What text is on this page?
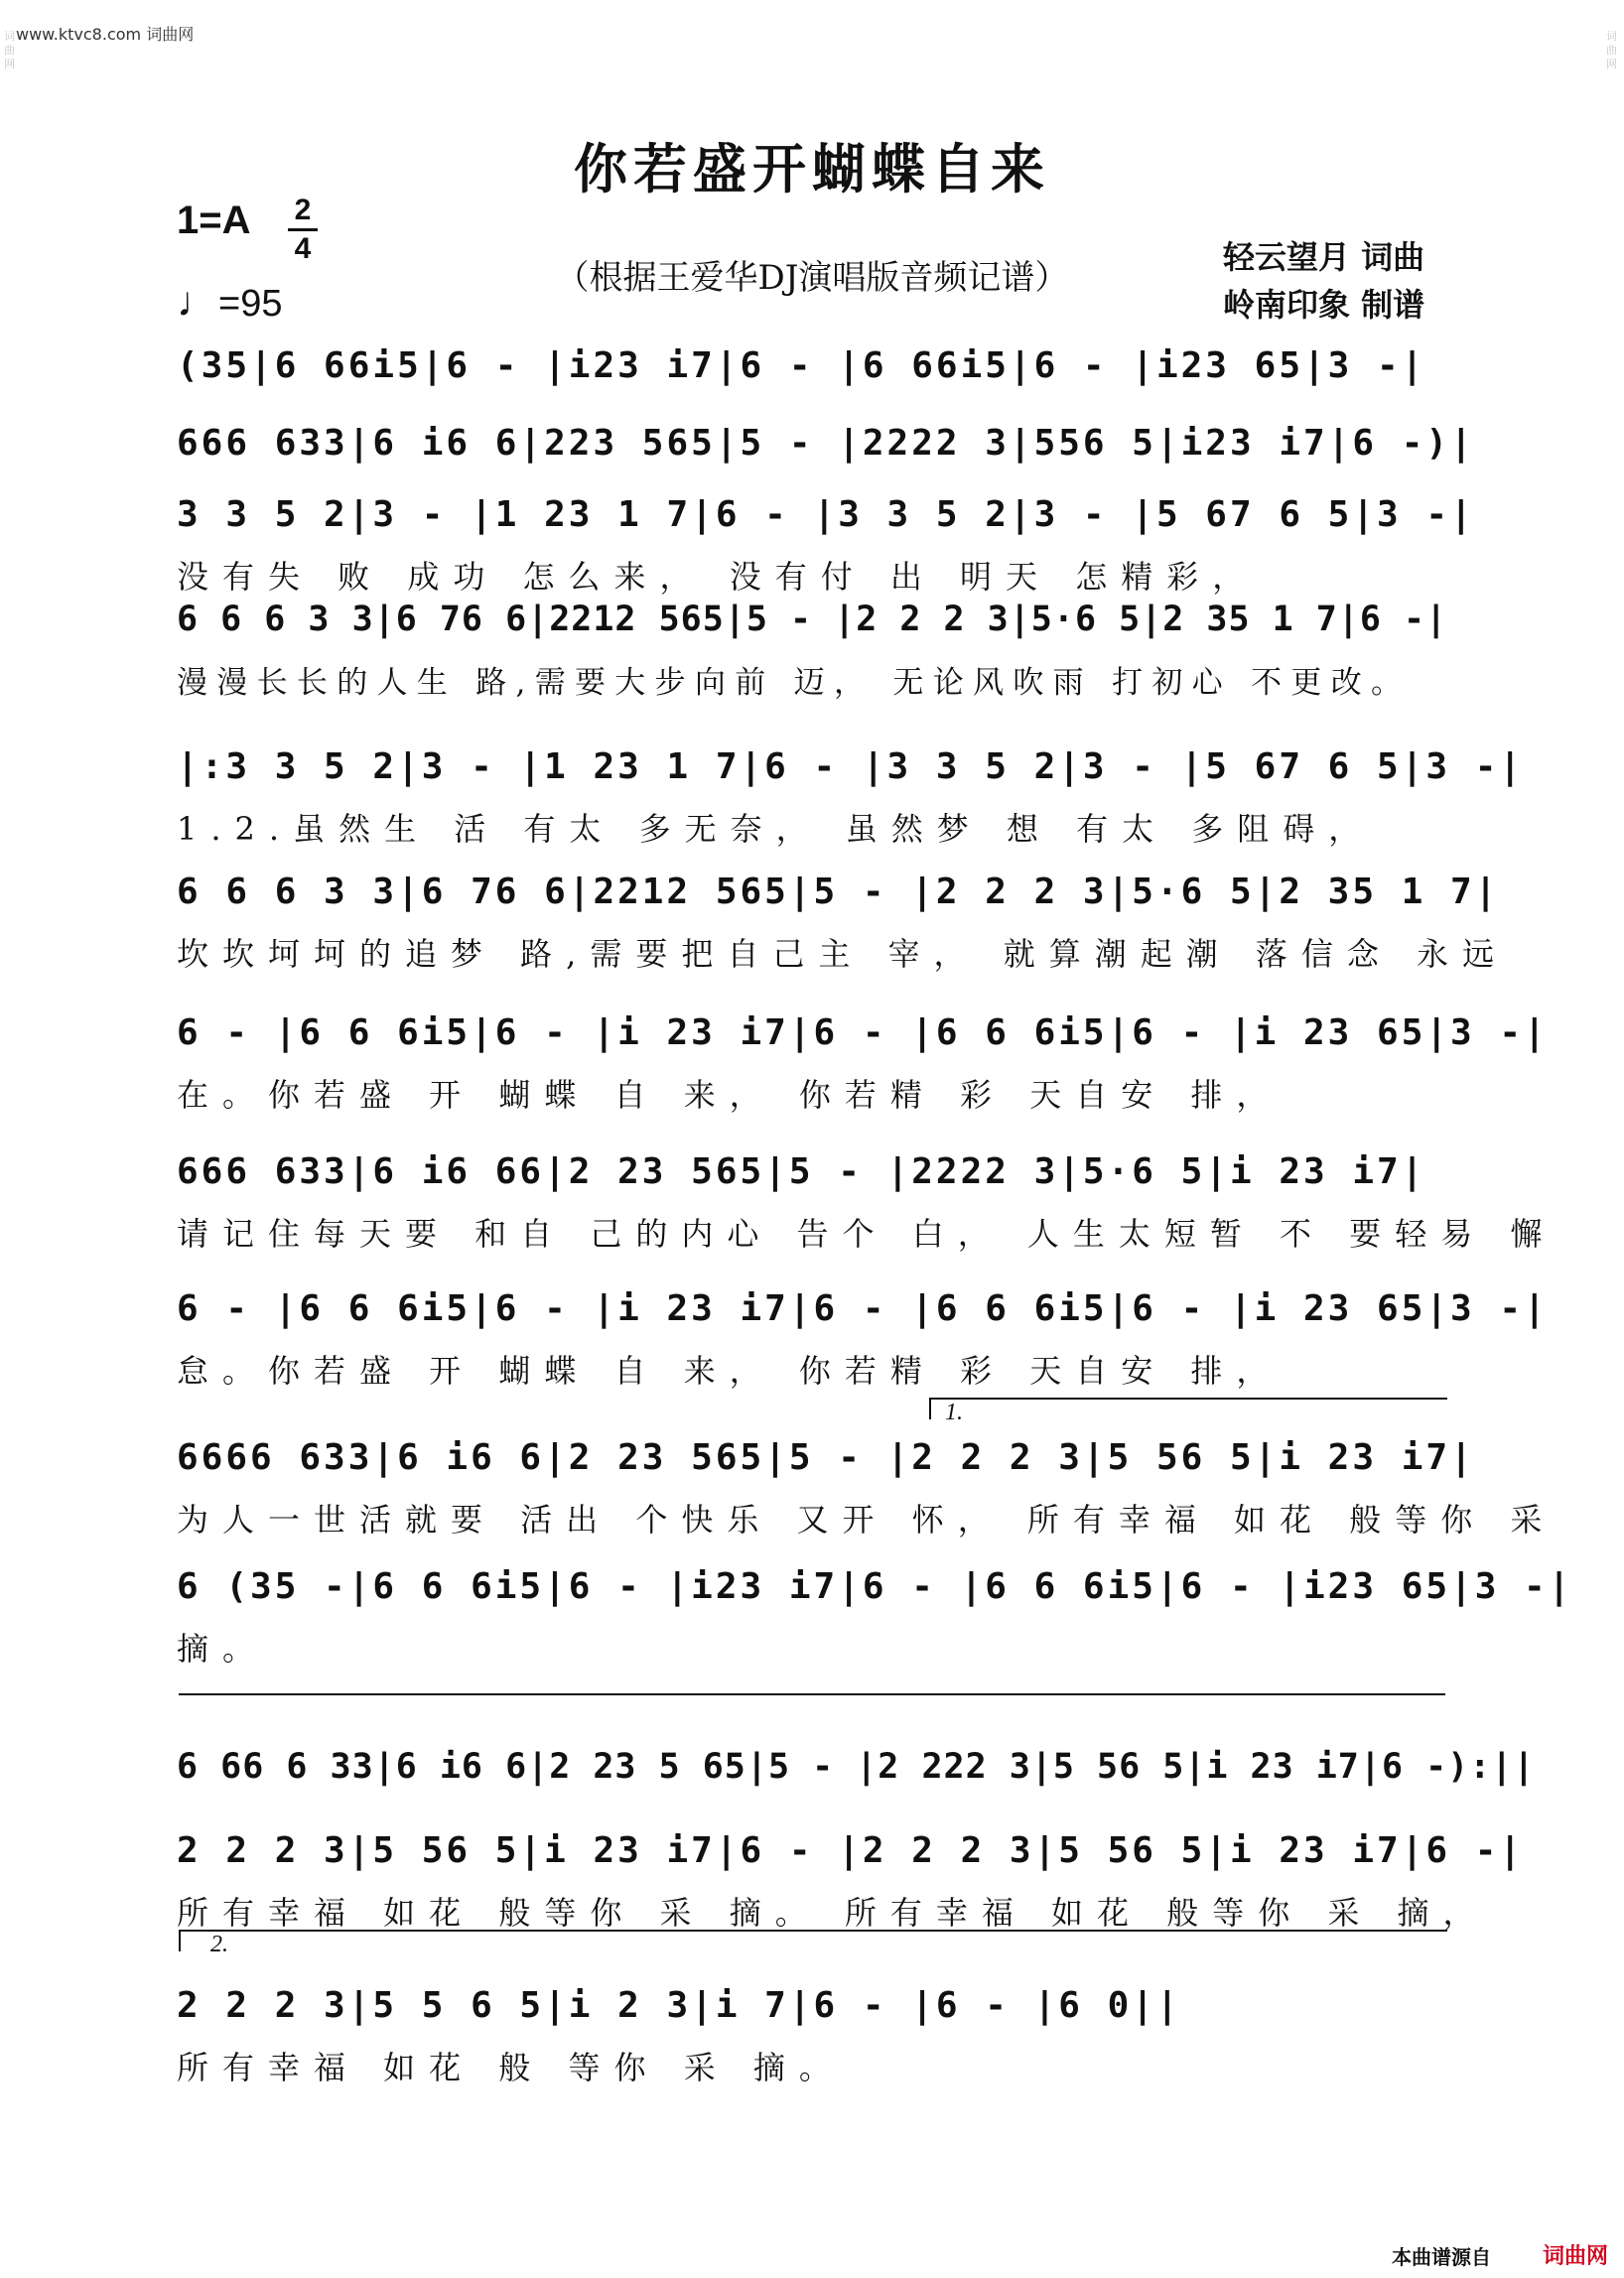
www.ktvc8.com 词曲网
词曲网
词曲网
你若盛开蝴蝶自来
1=A 2
4
♩=95
（根据王爱华DJ演唱版音频记谱）
轻云望月 词曲
岭南印象 制谱
(35|6 66i5|6 - |i23 i7|6 - |6 66i5|6 - |i23 65|3 -|
666 633|6 i6 6|223 565|5 - |2222 3|556 5|i23 i7|6 -)|
3 3 5 2|3 - |1 23 1 7|6 - |3 3 5 2|3 - |5 67 6 5|3 -|
没有失 败 成功 怎么来， 没有付 出 明天 怎精彩，
6 6 6 3 3|6 76 6|2212 565|5 - |2 2 2 3|5·6 5|2 35 1 7|6 -|
漫漫长长的人生 路,需要大步向前 迈， 无论风吹雨 打初心 不更改。
|:3 3 5 2|3 - |1 23 1 7|6 - |3 3 5 2|3 - |5 67 6 5|3 -|
1.2.虽然生 活 有太 多无奈， 虽然梦 想 有太 多阻碍，
6 6 6 3 3|6 76 6|2212 565|5 - |2 2 2 3|5·6 5|2 35 1 7|
坎坎坷坷的追梦 路,需要把自己主 宰， 就算潮起潮 落信念 永远
6 - |6 6 6i5|6 - |i 23 i7|6 - |6 6 6i5|6 - |i 23 65|3 -|
在。你若盛 开 蝴蝶 自 来， 你若精 彩 天自安 排，
666 633|6 i6 66|2 23 565|5 - |2222 3|5·6 5|i 23 i7|
请记住每天要 和自 己的内心 告个 白， 人生太短暂 不 要轻易 懈
6 - |6 6 6i5|6 - |i 23 i7|6 - |6 6 6i5|6 - |i 23 65|3 -|
怠。你若盛 开 蝴蝶 自 来， 你若精 彩 天自安 排，
6666 633|6 i6 6|2 23 565|5 - |2 2 2 3|5 56 5|i 23 i7|
为人一世活就要 活出 个快乐 又开 怀， 所有幸福 如花 般等你 采
6 (35 -|6 6 6i5|6 - |i23 i7|6 - |6 6 6i5|6 - |i23 65|3 -|
摘。
6 66 6 33|6 i6 6|2 23 5 65|5 - |2 222 3|5 56 5|i 23 i7|6 -):||
2 2 2 3|5 56 5|i 23 i7|6 - |2 2 2 3|5 56 5|i 23 i7|6 -|
所有幸福 如花 般等你 采 摘。 所有幸福 如花 般等你 采 摘，
2 2 2 3|5 5 6 5|i 2 3|i 7|6 - |6 - |6 0||
所有幸福 如花 般 等你 采 摘。
1.
2.
本曲谱源自 词曲网
